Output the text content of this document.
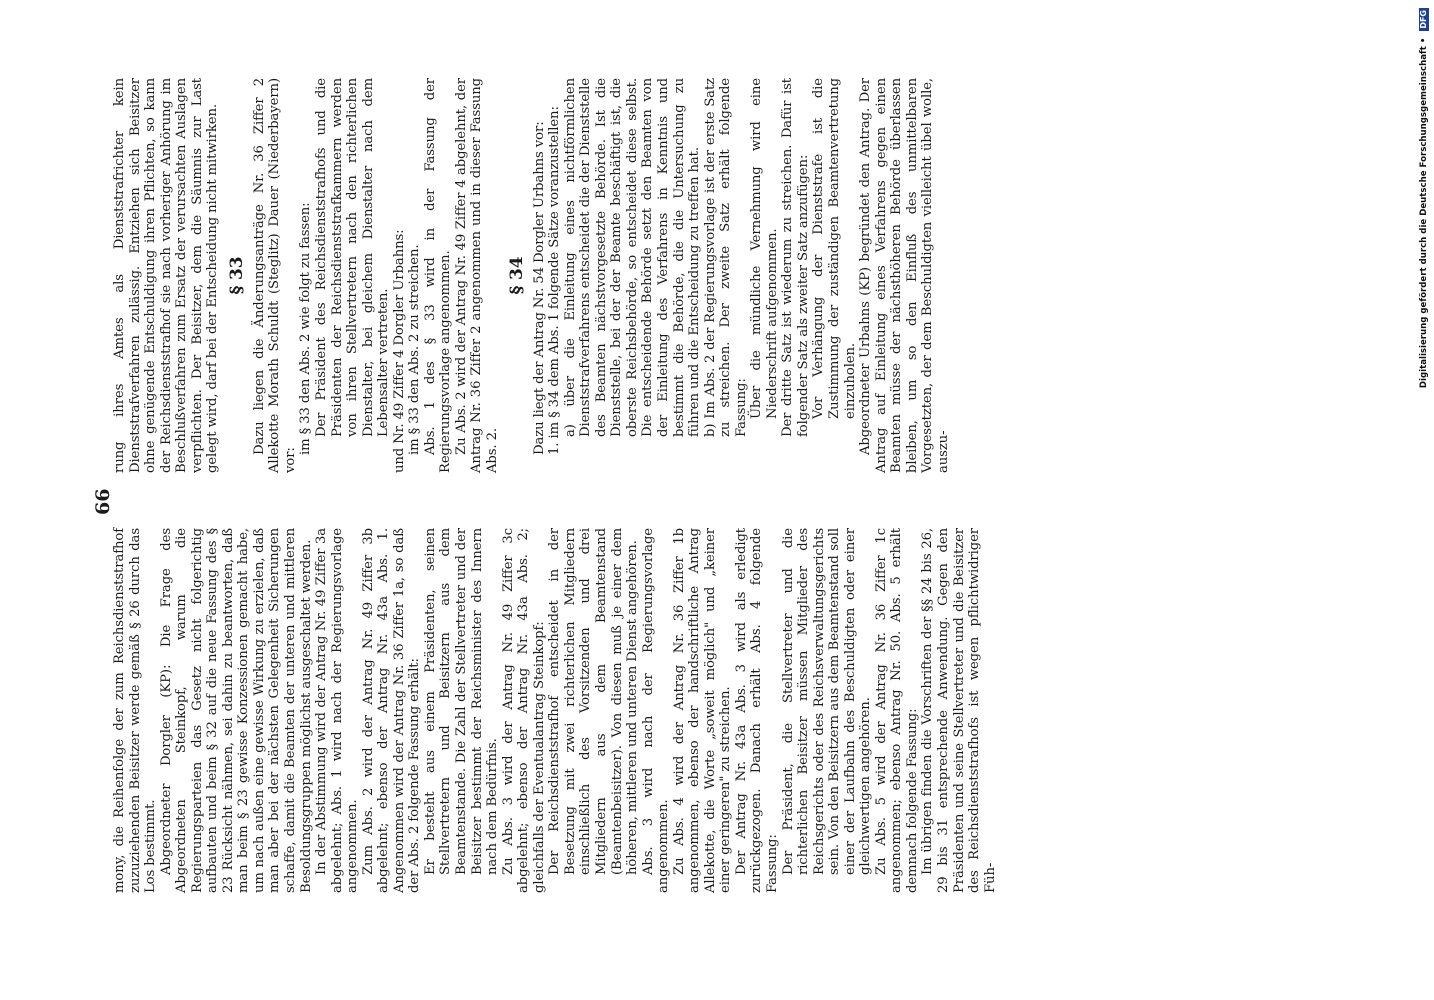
66

mony, die Reihenfolge der zum Reichsdienststrafhof zuzuziehenden Beisitzer werde gemäß § 26 durch das Los bestimmt. Abgeordneter Dorgler (KP): Die Frage des Abgeordneten Steinkopf, warum die Regierungsparteien das Gesetz nicht folgerichtig aufbauten und beim § 32 auf die neue Fassung des § 23 Rücksicht nähmen, sei dahin zu beantworten, daß man beim § 23 gewisse Konzessionen gemacht habe, um nach außen eine gewisse Wirkung zu erzielen, daß man aber bei der nächsten Gelegenheit Sicherungen schaffe, damit die Beamten der unteren und mittleren Besoldungsgruppen möglichst ausgeschaltet werden. In der Abstimmung wird der Antrag Nr. 49 Ziffer 3a abgelehnt; Abs. 1 wird nach der Regierungsvorlage angenommen. Zum Abs. 2 wird der Antrag Nr. 49 Ziffer 3b abgelehnt; ebenso der Antrag Nr. 43a Abs. 1. Angenommen wird der Antrag Nr. 36 Ziffer 1a, so daß der Abs. 2 folgende Fassung erhält: Er besteht aus einem Präsidenten, seinen Stellvertretern und Beisitzern aus dem Beamtenstande. Die Zahl der Stellvertreter und der Beisitzer bestimmt der Reichsminister des Innern nach dem Bedürfnis. Zu Abs. 3 wird der Antrag Nr. 49 Ziffer 3c abgelehnt; ebenso der Antrag Nr. 43a Abs. 2; gleichfalls der Eventualantrag Steinkopf: Der Reichsdienststrafhof entscheidet in der Besetzung mit zwei richterlichen Mitgliedern einschließlich des Vorsitzenden und drei Mitgliedern aus dem Beamtenstand (Beamtenbeisitzer). Von diesen muß je einer dem höheren, mittleren und unteren Dienst angehören. Abs. 3 wird nach der Regierungsvorlage angenommen. Zu Abs. 4 wird der Antrag Nr. 36 Ziffer 1b angenommen, ebenso der handschriftliche Antrag Allekotte, die Worte „soweit möglich" und „keiner einer geringeren" zu streichen. Der Antrag Nr. 43a Abs. 3 wird als erledigt zurückgezogen. Danach erhält Abs. 4 folgende Fassung: Der Präsident, die Stellvertreter und die richterlichen Beisitzer müssen Mitglieder des Reichsgerichts oder des Reichsverwaltungsgerichts sein. Von den Beisitzern aus dem Beamtenstand soll einer der Laufbahn des Beschuldigten oder einer gleichwertigen angehören. Zu Abs. 5 wird der Antrag Nr. 36 Ziffer 1c angenommen; ebenso Antrag Nr. 50. Abs. 5 erhält demnach folgende Fassung: Im übrigen finden die Vorschriften der §§ 24 bis 26, 29 bis 31 entsprechende Anwendung. Gegen den Präsidenten und seine Stellvertreter und die Beisitzer des Reichsdienststrafhofs ist wegen pflichtwidriger Füh-

rung ihres Amtes als Dienststrafrichter kein Dienststrafverfahren zulässig. Entziehen sich Beisitzer ohne genügende Entschuldigung ihren Pflichten, so kann der Reichsdienststrafhof sie nach vorheriger Anhörung im Beschlußverfahren zum Ersatz der verursachten Auslagen verpflichten. Der Beisitzer, dem die Säumnis zur Last gelegt wird, darf bei der Entscheidung nicht mitwirken. § 33 Dazu liegen die Änderungsanträge Nr. 36 Ziffer 2 Allekotte Morath Schuldt (Steglitz) Dauer (Niederbayern) vor:

im § 33 den Abs. 2 wie folgt zu fassen: Der Präsident des Reichsdienststrafhofs und die Präsidenten der Reichsdienststrafkammern werden von ihren Stellvertretern nach den richterlichen Dienstalter, bei gleichem Dienstalter nach dem Lebensalter vertreten. und Nr. 49 Ziffer 4 Dorgler Urbahns: im § 33 den Abs. 2 zu streichen. Abs. 1 des § 33 wird in der Fassung der Regierungsvorlage angenommen. Zu Abs. 2 wird der Antrag Nr. 49 Ziffer 4 abgelehnt, der Antrag Nr. 36 Ziffer 2 angenommen und in dieser Fassung Abs. 2.

§ 34 Dazu liegt der Antrag Nr. 54 Dorgler Urbahns vor: 1. im § 34 dem Abs. 1 folgende Sätze voranzustellen: a) über die Einleitung eines nichtförmlichen Dienststrafverfahrens entscheidet die der Dienststelle des Beamten nächstvorgesetzte Behörde. Ist die Dienststelle, bei der der Beamte beschäftigt ist, die oberste Reichsbehörde, so entscheidet diese selbst. Die entscheidende Behörde setzt den Beamten von der Einleitung des Verfahrens in Kenntnis und bestimmt die Behörde, die die Untersuchung zu führen und die Entscheidung zu treffen hat. b) Im Abs. 2 der Regierungsvorlage ist der erste Satz zu streichen. Der zweite Satz erhält folgende Fassung: Über die mündliche Vernehmung wird eine Niederschrift aufgenommen. Der dritte Satz ist wiederum zu streichen. Dafür ist folgender Satz als zweiter Satz anzufügen: Vor Verhängung der Dienststrafe ist die Zustimmung der zuständigen Beamtenvertretung einzuholen. Abgeordneter Urbahns (KP) begründet den Antrag. Der Antrag auf Einleitung eines Verfahrens gegen einen Beamten müsse der nächsthöheren Behörde überlassen bleiben, um so den Einfluß des unmittelbaren Vorgesetzten, der dem Beschuldigten vielleicht übel wolle, auszu-

Digitalisierung gefördert durch die Deutsche Forschungsgemeinschaft • DFG
